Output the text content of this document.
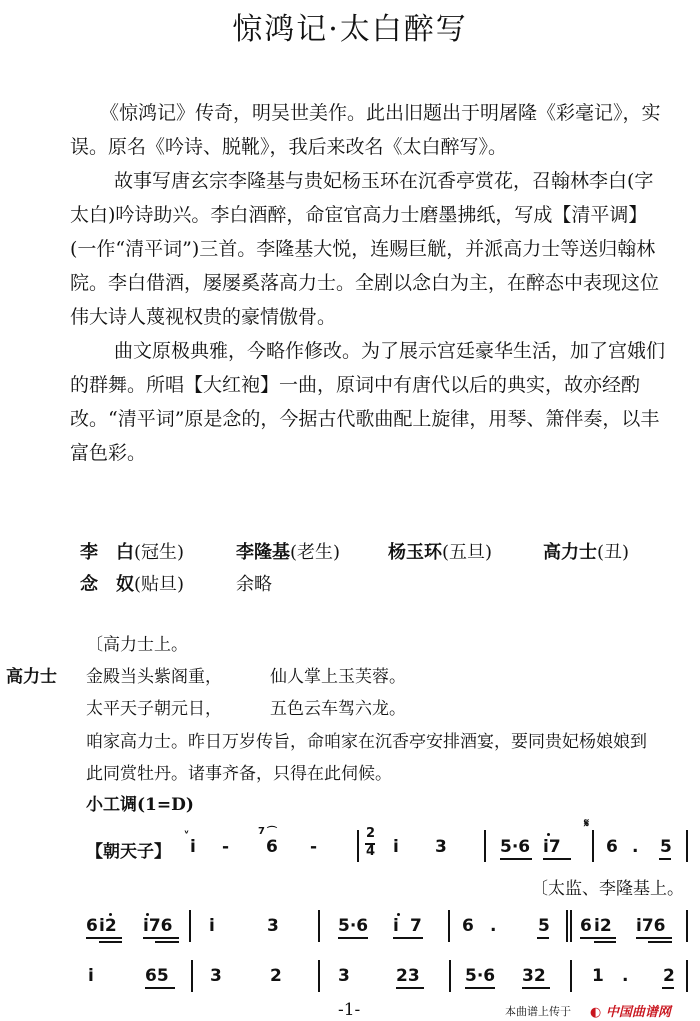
惊鸿记·太白醉写

《惊鸿记》传奇，明吴世美作。此出旧题出于明屠隆《彩毫记》，实误。原名《吟诗、脱靴》，我后来改名《太白醉写》。

故事写唐玄宗李隆基与贵妃杨玉环在沉香亭赏花，召翰林李白(字太白)吟诗助兴。李白酒醉，命宦官高力士磨墨拂纸，写成【清平调】(一作“清平词”)三首。李隆基大悦，连赐巨觥，并派高力士等送归翰林院。李白借酒，屡屡奚落高力士。全剧以念白为主，在醉态中表现这位伟大诗人蔑视权贵的豪情傲骨。

曲文原极典雅，今略作修改。为了展示宫廷豪华生活，加了宫娥们的群舞。所唱【大红袍】一曲，原词中有唐代以后的典实，故亦经酌改。“清平词”原是念的，今据古代歌曲配上旋律，用琴、箫伴奏，以丰富色彩。

李　白(冠生)	李隆基(老生)	杨玉环(五旦)	高力士(丑)
念　奴(贴旦)	余略
〔高力士上。
高力士 金殿当头紫阁重，	仙人掌上玉芙蓉。
太平天子朝元日，	五色云车驾六龙。
咱家高力士。昨日万岁传旨，命咱家在沉香亭安排酒宴，要同贵妃杨娘娘到
此同赏牡丹。诸事齐备，只得在此伺候。
小工调(1=D)
【朝天子】
ᵛ
i -
7 ⌒
6 -
2
4 i 3	5·6 i7
𝄋
6 . 5
〔太监、李隆基上。
6 i2 i76 i	3	5·6 i 7 6 . 5 6 i2 i76
i	65 3	2	3	23	5·6 32	1 . 2
-1-	本曲谱上传于 ◐ 中国曲谱网
